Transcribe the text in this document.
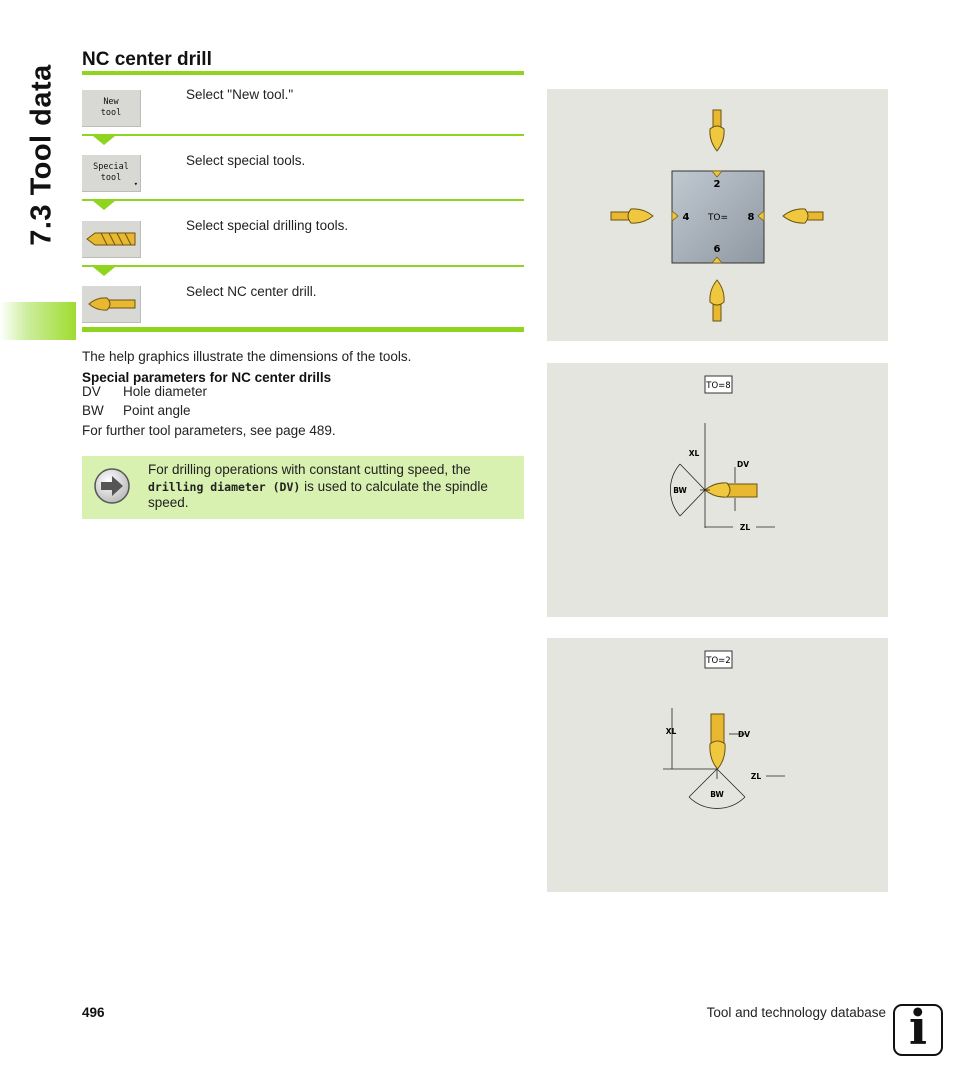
7.3 Tool data
NC center drill
New
tool
Select "New tool."
Special
tool
▾
Select special tools.
Select special drilling tools.
Select NC center drill.
The help graphics illustrate the dimensions of the tools.
Special parameters for NC center drills
DV Hole diameter
BW Point angle
For further tool parameters, see page 489.
For drilling operations with constant cutting speed, the drilling diameter (DV) is used to calculate the spindle speed.
2
4 TO= 8
6
TO=8
XL
DV
BW
ZL
TO=2
XL	DV
BW
ZL
496	Tool and technology database i
